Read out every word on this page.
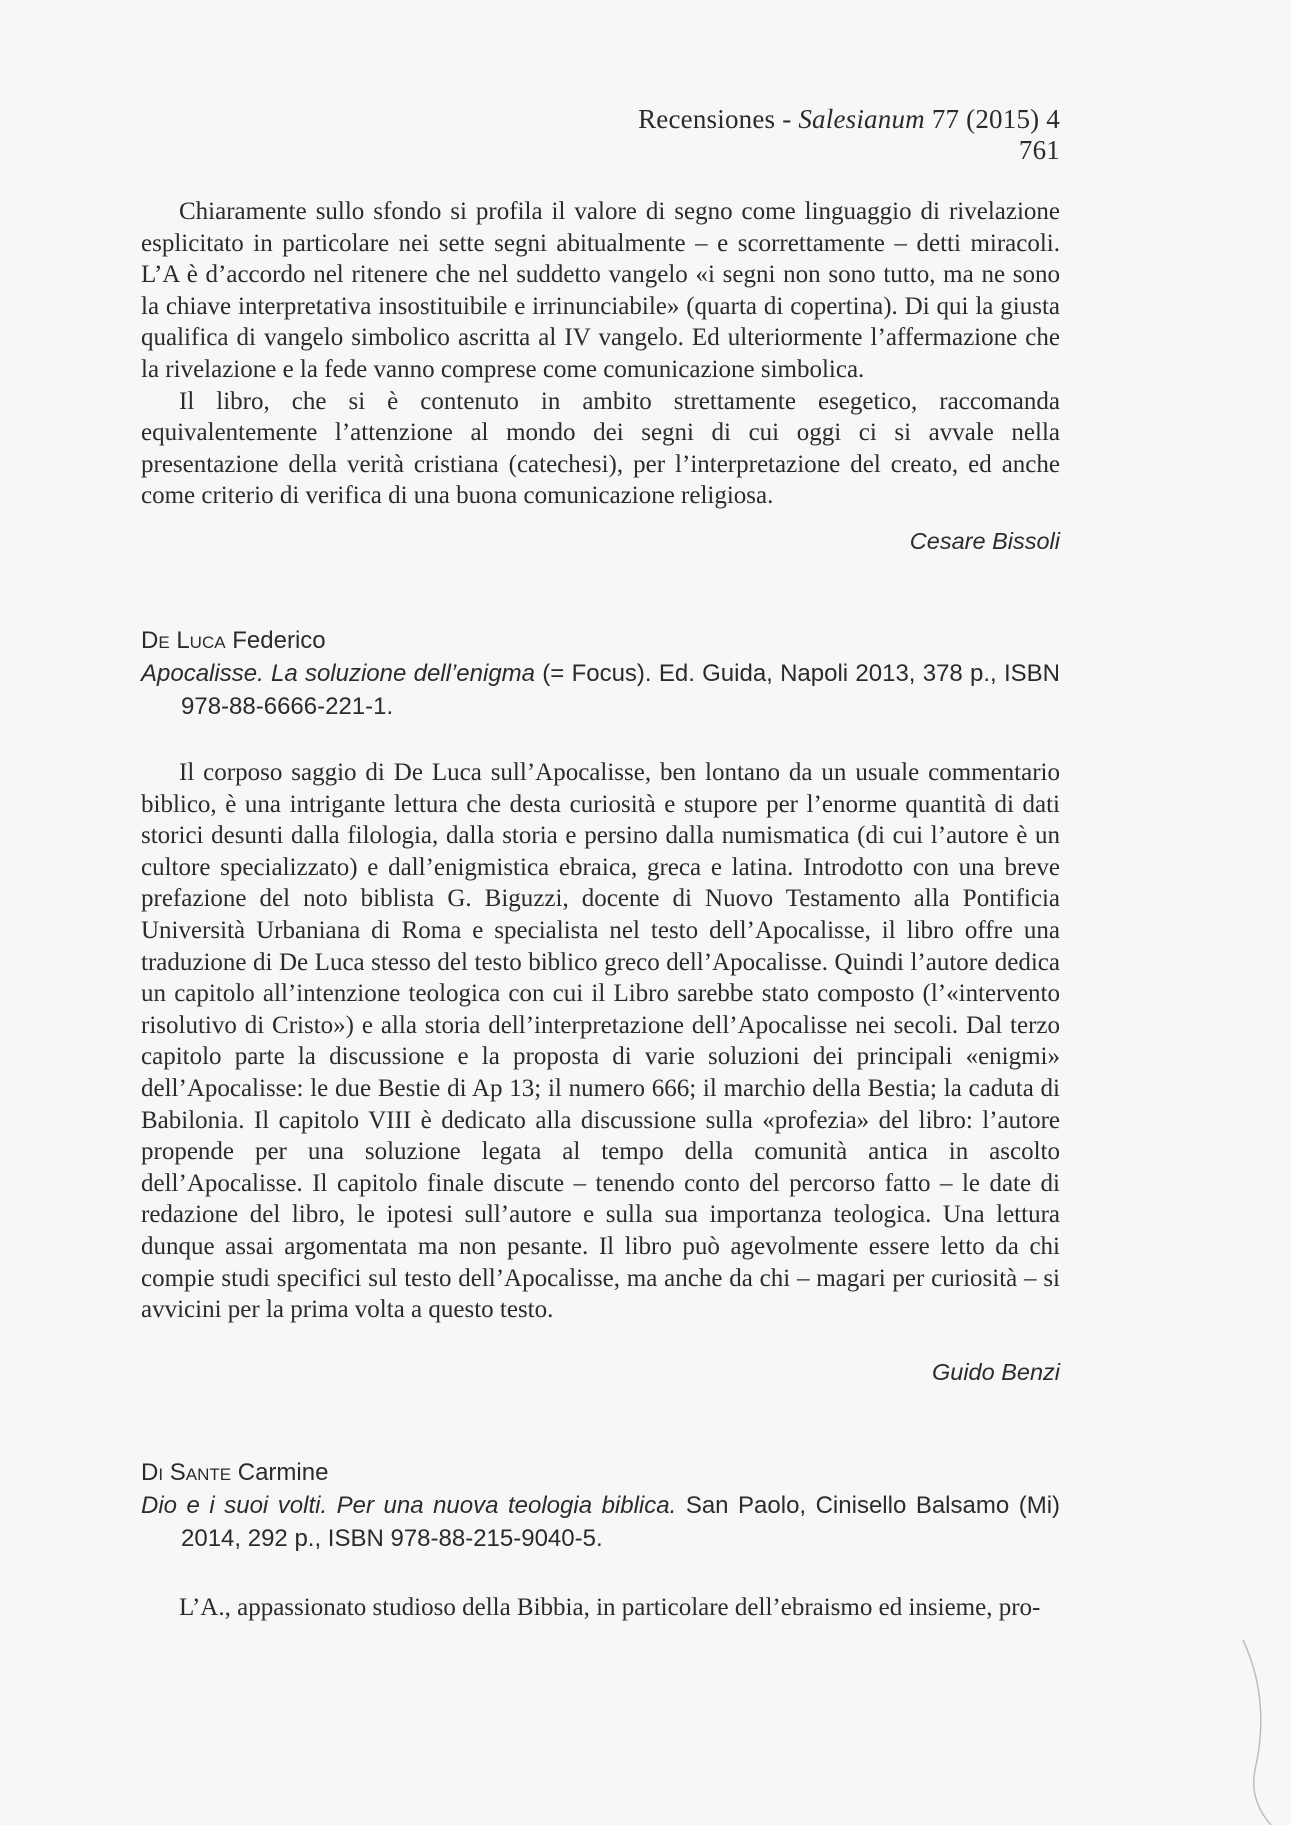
Recensiones - Salesianum 77 (2015) 4 761

Chiaramente sullo sfondo si profila il valore di segno come linguaggio di rivelazione esplicitato in particolare nei sette segni abitualmente – e scorrettamente – detti miracoli. L’A è d’accordo nel ritenere che nel suddetto vangelo «i segni non sono tutto, ma ne sono la chiave interpretativa insostituibile e irrinunciabile» (quarta di copertina). Di qui la giusta qualifica di vangelo simbolico ascritta al IV vangelo. Ed ulteriormente l’affermazione che la rivelazione e la fede vanno comprese come comunicazione simbolica.

Il libro, che si è contenuto in ambito strettamente esegetico, raccomanda equivalentemente l’attenzione al mondo dei segni di cui oggi ci si avvale nella presentazione della verità cristiana (catechesi), per l’interpretazione del creato, ed anche come criterio di verifica di una buona comunicazione religiosa.

Cesare Bissoli
De Luca Federico
Apocalisse. La soluzione dell’enigma (= Focus). Ed. Guida, Napoli 2013, 378 p., ISBN 978-88-6666-221-1.

Il corposo saggio di De Luca sull’Apocalisse, ben lontano da un usuale commentario biblico, è una intrigante lettura che desta curiosità e stupore per l’enorme quantità di dati storici desunti dalla filologia, dalla storia e persino dalla numismatica (di cui l’autore è un cultore specializzato) e dall’enigmistica ebraica, greca e latina. Introdotto con una breve prefazione del noto biblista G. Biguzzi, docente di Nuovo Testamento alla Pontificia Università Urbaniana di Roma e specialista nel testo dell’Apocalisse, il libro offre una traduzione di De Luca stesso del testo biblico greco dell’Apocalisse. Quindi l’autore dedica un capitolo all’intenzione teologica con cui il Libro sarebbe stato composto (l’«intervento risolutivo di Cristo») e alla storia dell’interpretazione dell’Apocalisse nei secoli. Dal terzo capitolo parte la discussione e la proposta di varie soluzioni dei principali «enigmi» dell’Apocalisse: le due Bestie di Ap 13; il numero 666; il marchio della Bestia; la caduta di Babilonia. Il capitolo VIII è dedicato alla discussione sulla «profezia» del libro: l’autore propende per una soluzione legata al tempo della comunità antica in ascolto dell’Apocalisse. Il capitolo finale discute – tenendo conto del percorso fatto – le date di redazione del libro, le ipotesi sull’autore e sulla sua importanza teologica. Una lettura dunque assai argomentata ma non pesante. Il libro può agevolmente essere letto da chi compie studi specifici sul testo dell’Apocalisse, ma anche da chi – magari per curiosità – si avvicini per la prima volta a questo testo.

Guido Benzi
Di Sante Carmine
Dio e i suoi volti. Per una nuova teologia biblica. San Paolo, Cinisello Balsamo (Mi) 2014, 292 p., ISBN 978-88-215-9040-5.

L’A., appassionato studioso della Bibbia, in particolare dell’ebraismo ed insieme, pro-
